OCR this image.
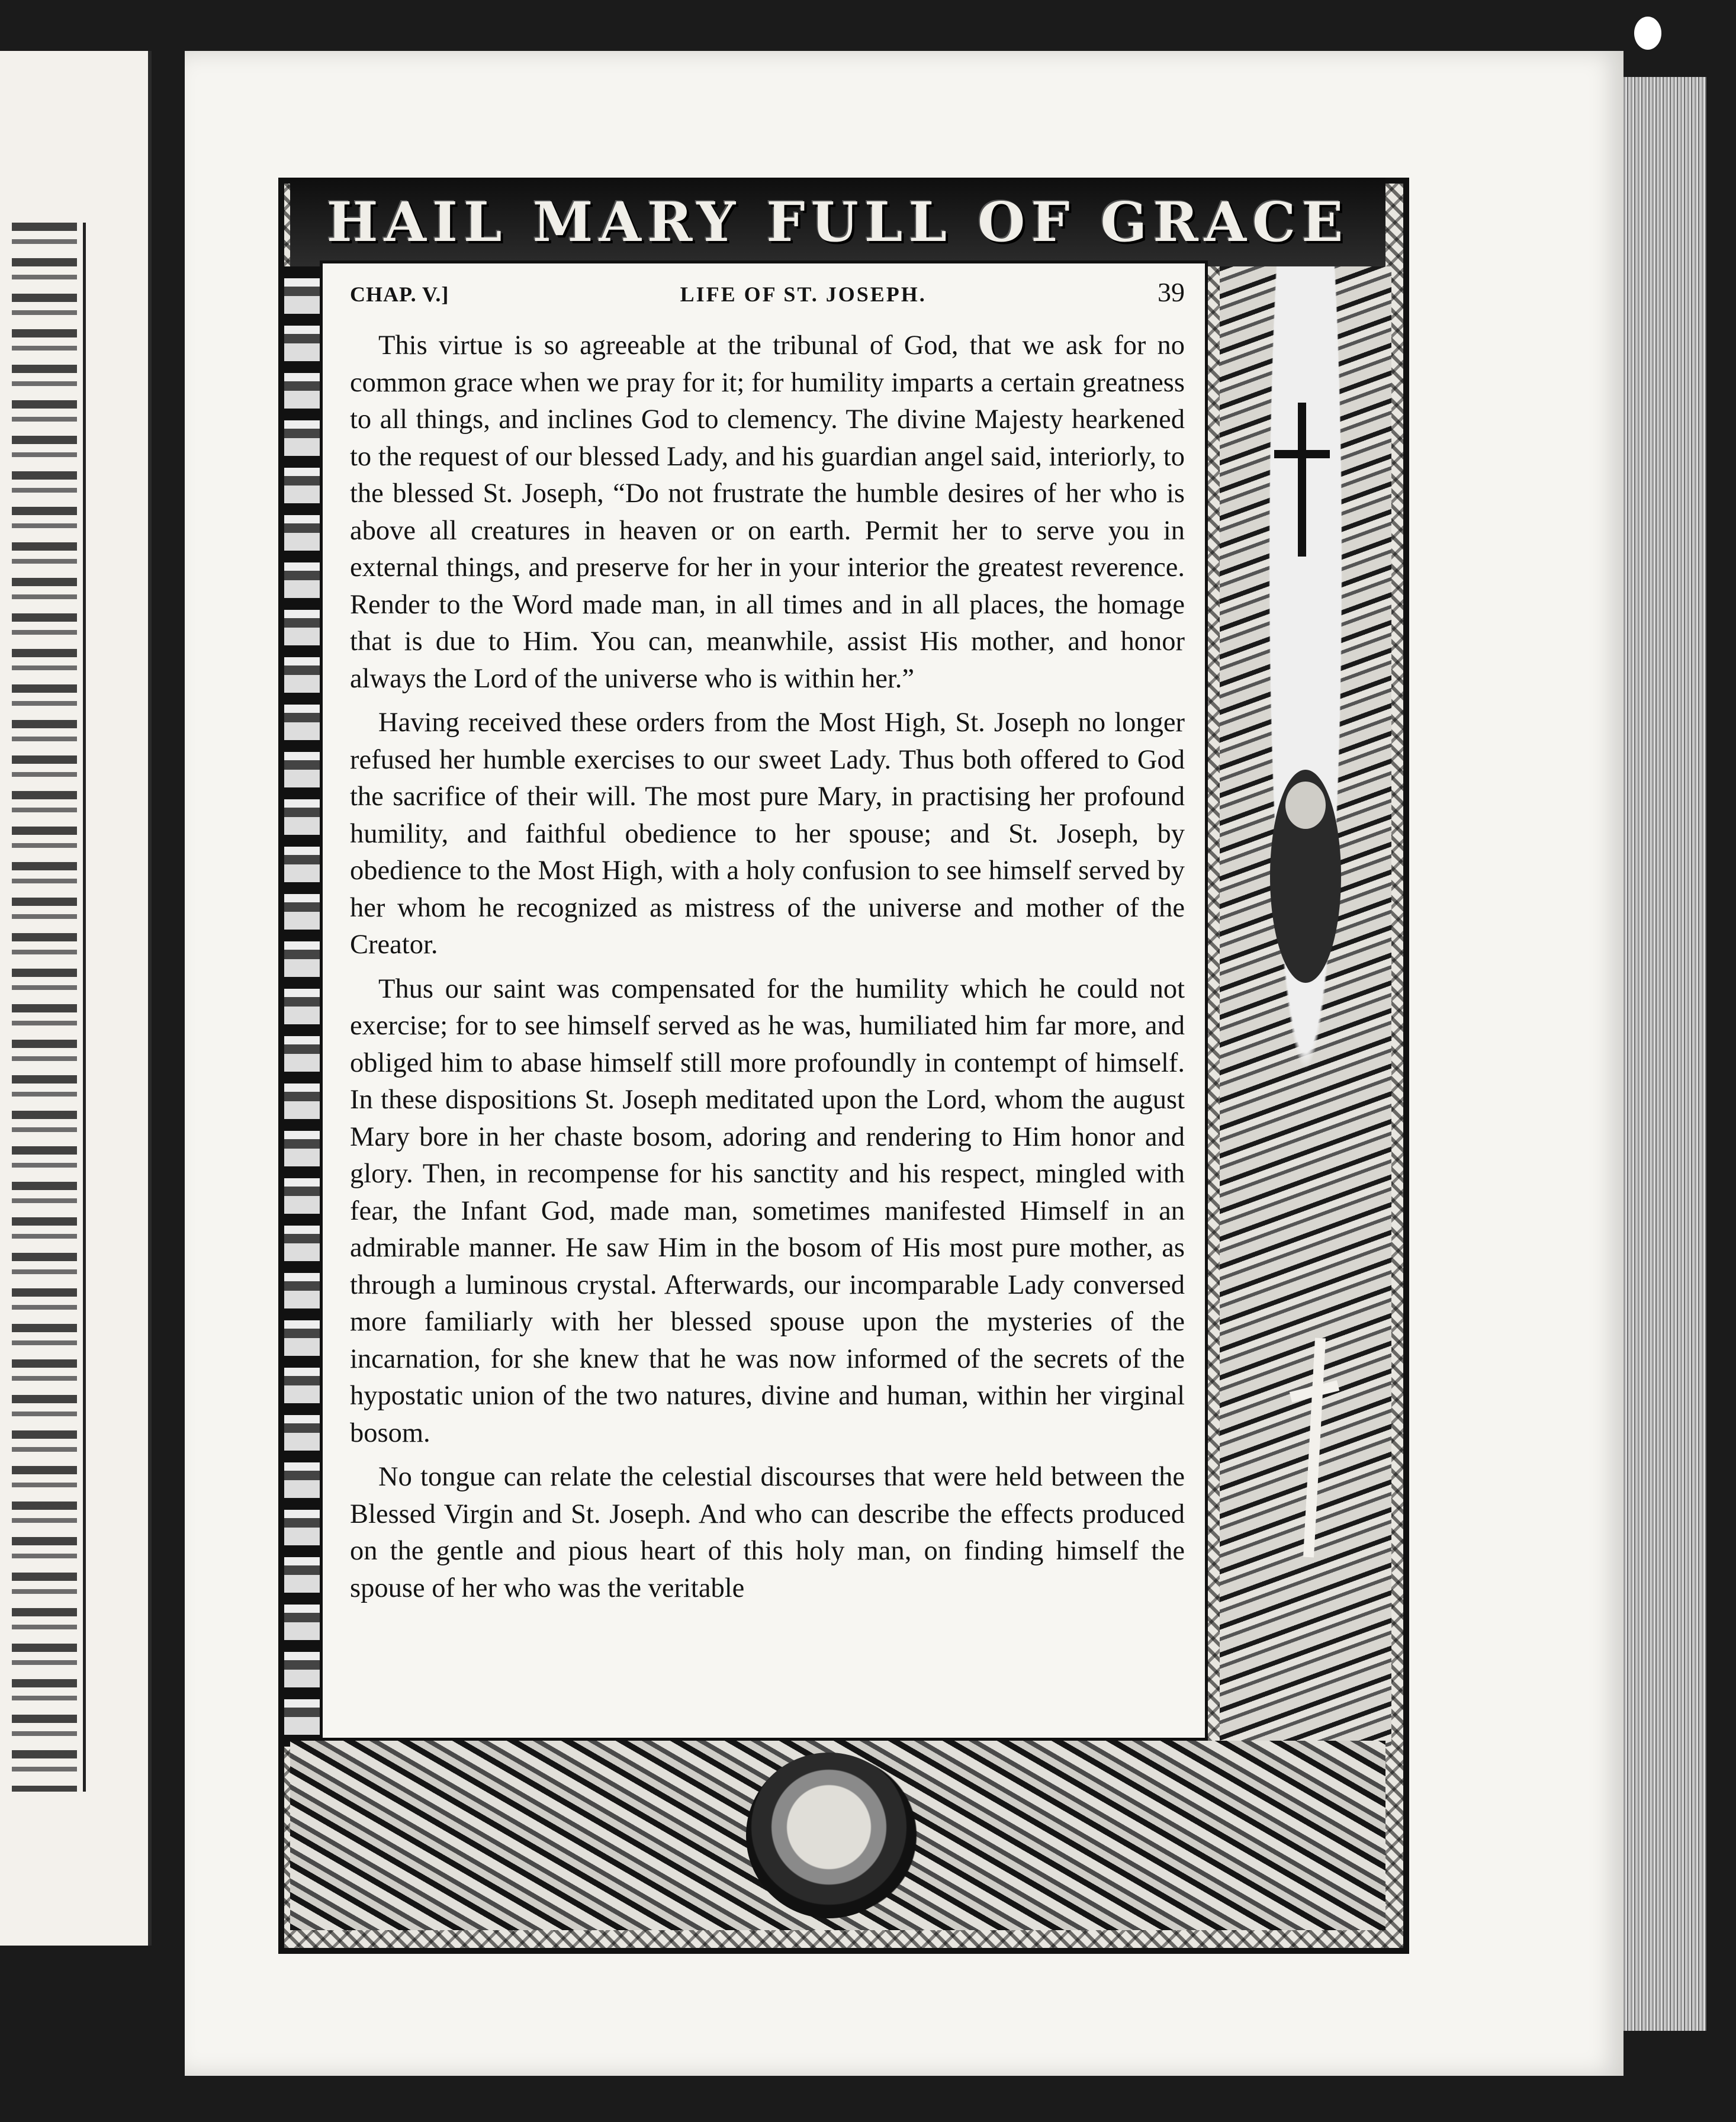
HAIL MARY FULL OF GRACE
CHAP. V.]	LIFE OF ST. JOSEPH.	39

This virtue is so agreeable at the tribunal of God, that we ask for no common grace when we pray for it; for humility imparts a certain greatness to all things, and inclines God to clemency. The divine Majesty hearkened to the request of our blessed Lady, and his guardian angel said, interiorly, to the blessed St. Joseph, “Do not frustrate the humble desires of her who is above all creatures in heaven or on earth. Permit her to serve you in external things, and preserve for her in your interior the greatest reverence. Render to the Word made man, in all times and in all places, the homage that is due to Him. You can, meanwhile, assist His mother, and honor always the Lord of the universe who is within her.”

Having received these orders from the Most High, St. Joseph no longer refused her humble exercises to our sweet Lady. Thus both offered to God the sacrifice of their will. The most pure Mary, in practising her profound humility, and faithful obedience to her spouse; and St. Joseph, by obedience to the Most High, with a holy confusion to see himself served by her whom he recognized as mistress of the universe and mother of the Creator.

Thus our saint was compensated for the humility which he could not exercise; for to see himself served as he was, humiliated him far more, and obliged him to abase himself still more profoundly in contempt of himself. In these dispositions St. Joseph meditated upon the Lord, whom the august Mary bore in her chaste bosom, adoring and rendering to Him honor and glory. Then, in recompense for his sanctity and his respect, mingled with fear, the Infant God, made man, sometimes manifested Himself in an admirable manner. He saw Him in the bosom of His most pure mother, as through a luminous crystal. Afterwards, our incomparable Lady conversed more familiarly with her blessed spouse upon the mysteries of the incarnation, for she knew that he was now informed of the secrets of the hypostatic union of the two natures, divine and human, within her virginal bosom.

No tongue can relate the celestial discourses that were held between the Blessed Virgin and St. Joseph. And who can describe the effects produced on the gentle and pious heart of this holy man, on finding himself the spouse of her who was the veritable
